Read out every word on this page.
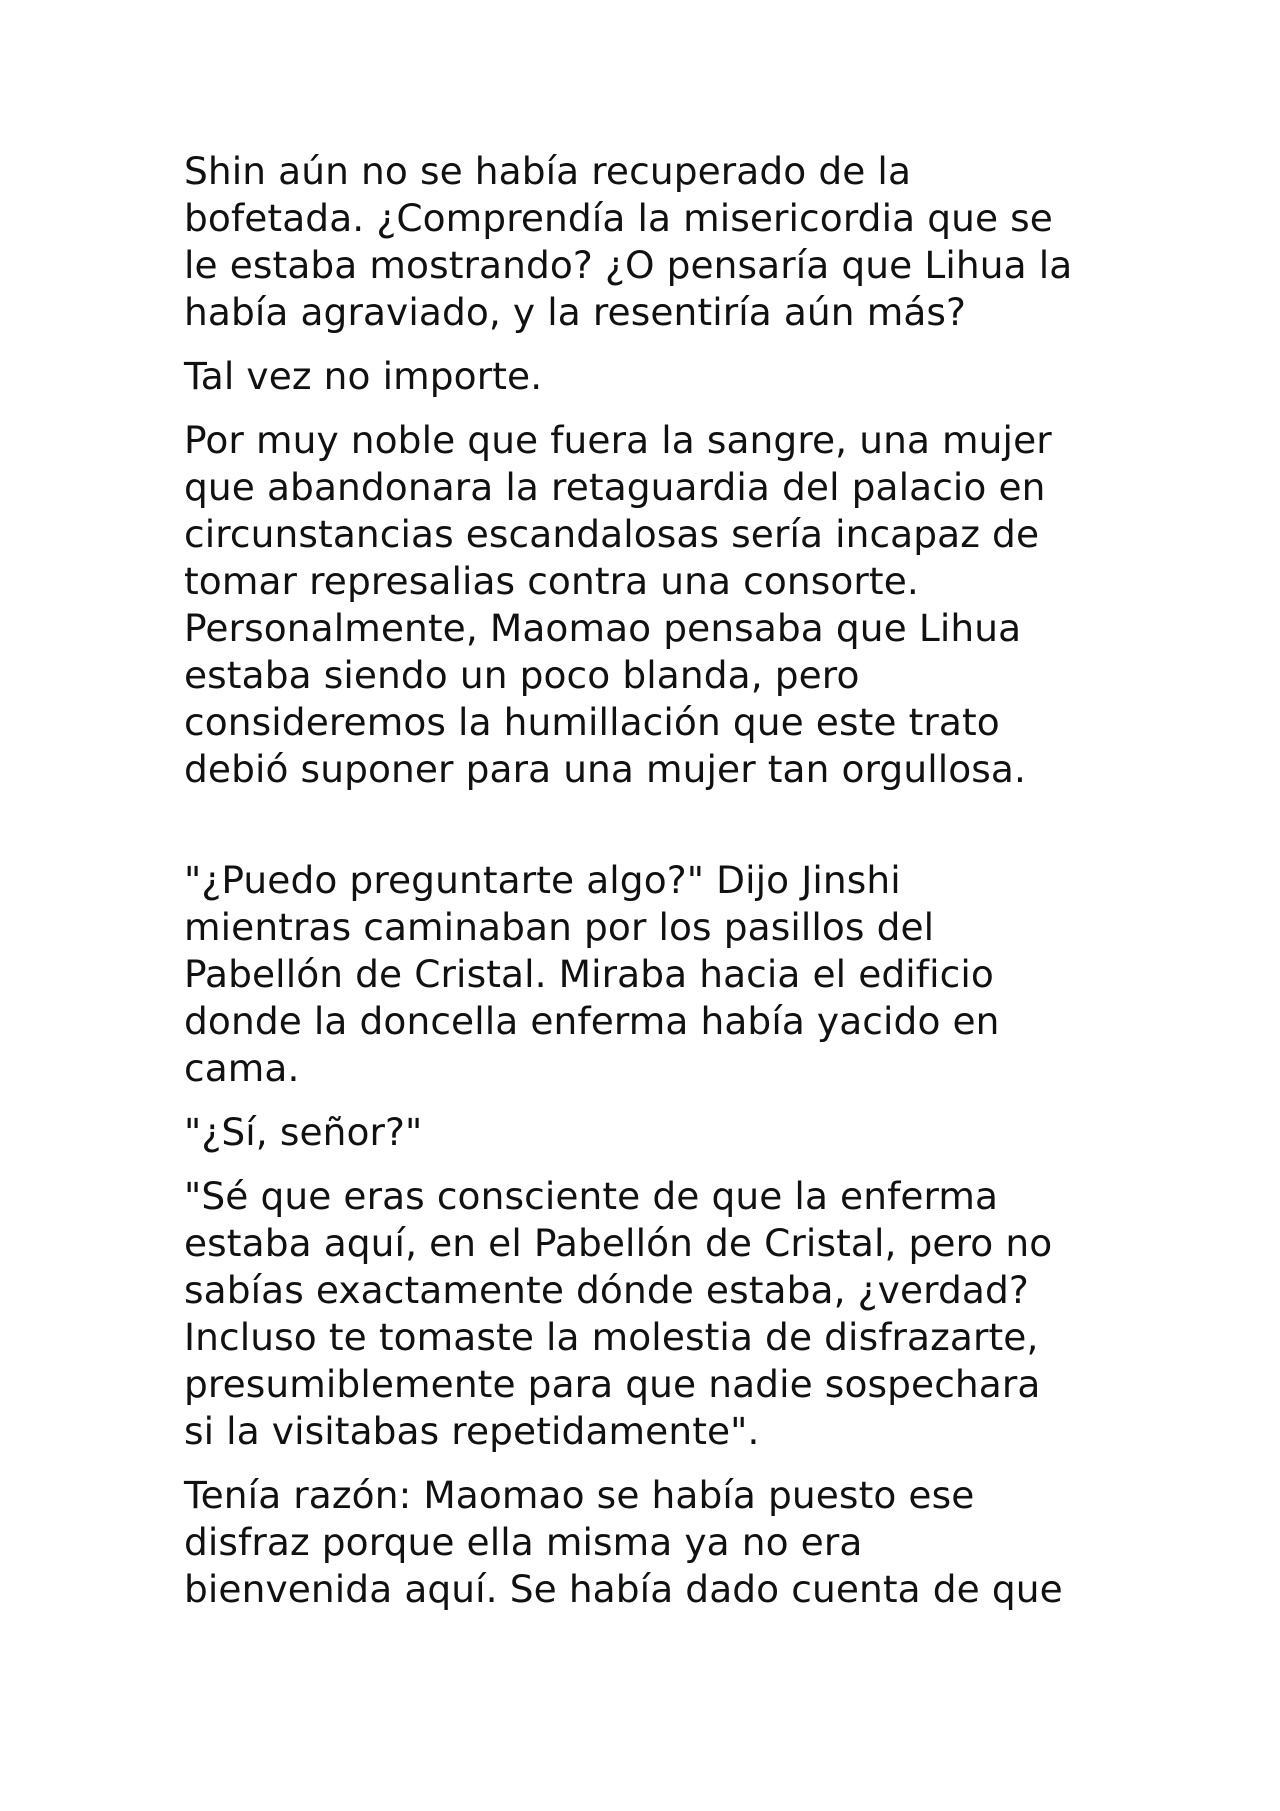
Shin aún no se había recuperado de la
bofetada. ¿Comprendía la misericordia que se
le estaba mostrando? ¿O pensaría que Lihua la
había agraviado, y la resentiría aún más?

Tal vez no importe.

Por muy noble que fuera la sangre, una mujer
que abandonara la retaguardia del palacio en
circunstancias escandalosas sería incapaz de
tomar represalias contra una consorte.
Personalmente, Maomao pensaba que Lihua
estaba siendo un poco blanda, pero
consideremos la humillación que este trato
debió suponer para una mujer tan orgullosa.

"¿Puedo preguntarte algo?" Dijo Jinshi
mientras caminaban por los pasillos del
Pabellón de Cristal. Miraba hacia el edificio
donde la doncella enferma había yacido en
cama.

"¿Sí, señor?"

"Sé que eras consciente de que la enferma
estaba aquí, en el Pabellón de Cristal, pero no
sabías exactamente dónde estaba, ¿verdad?
Incluso te tomaste la molestia de disfrazarte,
presumiblemente para que nadie sospechara
si la visitabas repetidamente".

Tenía razón: Maomao se había puesto ese
disfraz porque ella misma ya no era
bienvenida aquí. Se había dado cuenta de que
